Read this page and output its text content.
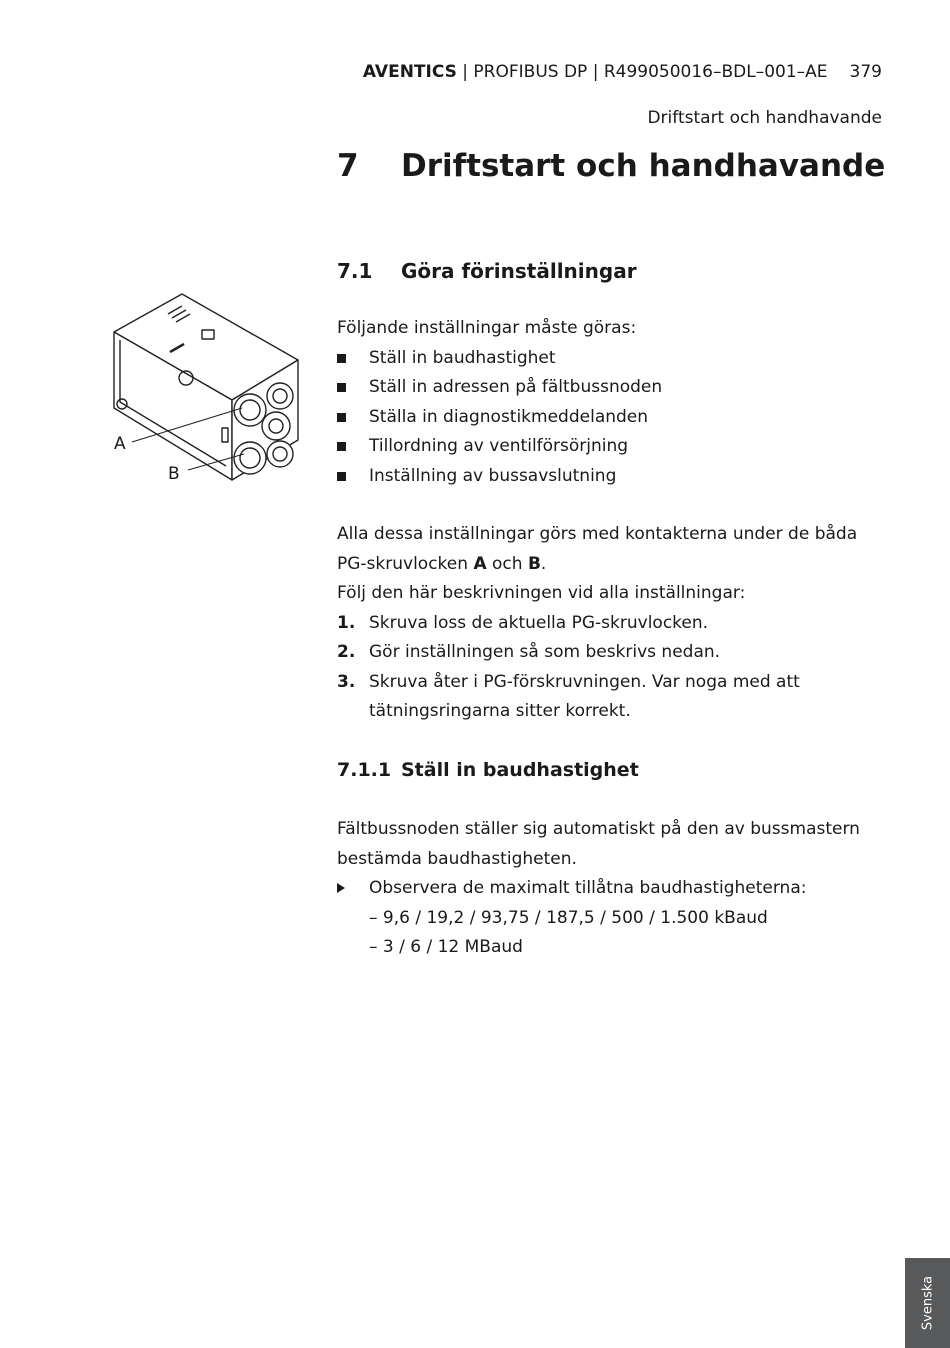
AVENTICS | PROFIBUS DP | R499050016–BDL–001–AE 379
Driftstart och handhavande
7 Driftstart och handhavande
7.1 Göra förinställningar
A
B
Följande inställningar måste göras:
Ställ in baudhastighet
Ställ in adressen på fältbussnoden
Ställa in diagnostikmeddelanden
Tillordning av ventilförsörjning
Inställning av bussavslutning
Alla dessa inställningar görs med kontakterna under de båda
PG-skruvlocken A och B.
Följ den här beskrivningen vid alla inställningar:
1. Skruva loss de aktuella PG-skruvlocken.
2. Gör inställningen så som beskrivs nedan.
3. Skruva åter i PG-förskruvningen. Var noga med att
tätningsringarna sitter korrekt.
7.1.1 Ställ in baudhastighet
Fältbussnoden ställer sig automatiskt på den av bussmastern
bestämda baudhastigheten.
Observera de maximalt tillåtna baudhastigheterna:
– 9,6 / 19,2 / 93,75 / 187,5 / 500 / 1.500 kBaud
– 3 / 6 / 12 MBaud
Svenska
